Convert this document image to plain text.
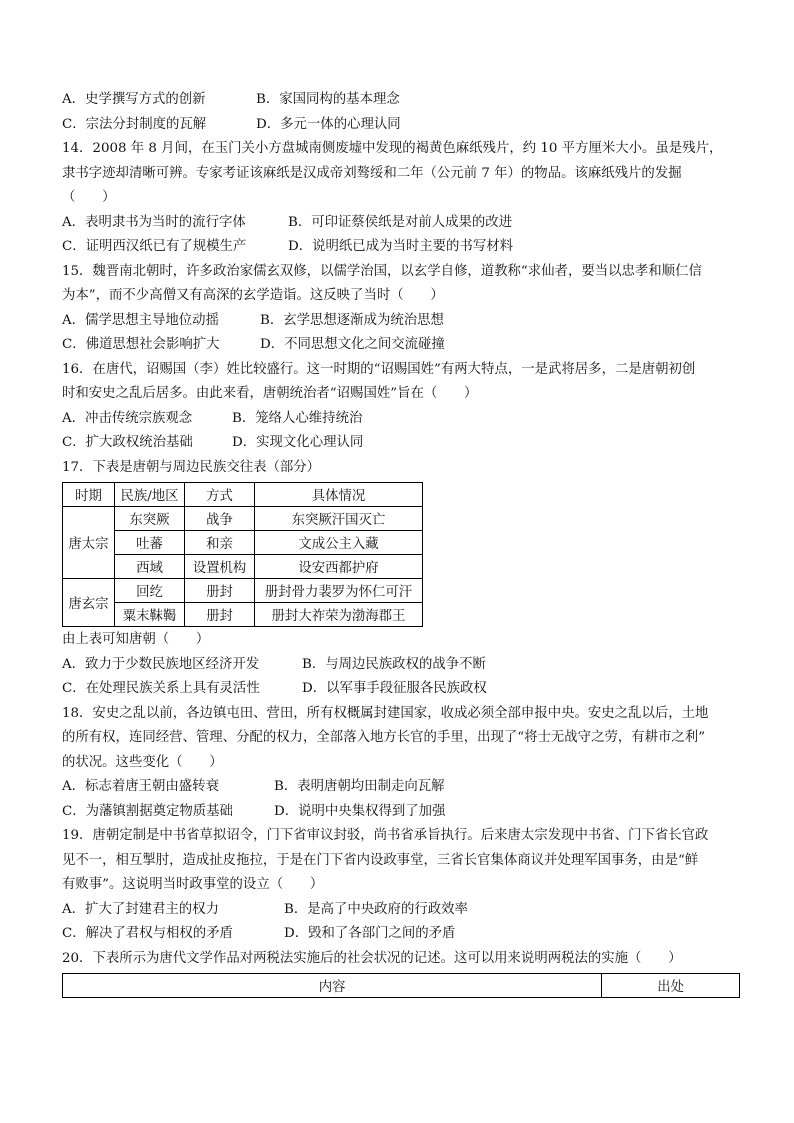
A．史学撰写方式的创新	B．家国同构的基本理念
C．宗法分封制度的瓦解	D．多元一体的心理认同
14．2008 年 8 月间，在玉门关小方盘城南侧废墟中发现的褐黄色麻纸残片，约 10 平方厘米大小。虽是残片，
隶书字迹却清晰可辨。专家考证该麻纸是汉成帝刘骜绥和二年（公元前 7 年）的物品。该麻纸残片的发掘
（　　）
A．表明隶书为当时的流行字体	B．可印证蔡侯纸是对前人成果的改进
C．证明西汉纸已有了规模生产	D．说明纸已成为当时主要的书写材料
15．魏晋南北朝时，许多政治家儒玄双修，以儒学治国，以玄学自修，道教称“求仙者，要当以忠孝和顺仁信
为本”，而不少高僧又有高深的玄学造诣。这反映了当时（　　）
A．儒学思想主导地位动摇	B．玄学思想逐渐成为统治思想
C．佛道思想社会影响扩大	D．不同思想文化之间交流碰撞
16．在唐代，诏赐国（李）姓比较盛行。这一时期的“诏赐国姓”有两大特点，一是武将居多，二是唐朝初创
时和安史之乱后居多。由此来看，唐朝统治者“诏赐国姓”旨在（　　）
A．冲击传统宗族观念	B．笼络人心维持统治
C．扩大政权统治基础	D．实现文化心理认同
17．下表是唐朝与周边民族交往表（部分）
时期	民族/地区	方式	具体情况
唐太宗	东突厥	战争	东突厥汗国灭亡
	吐蕃	和亲	文成公主入藏
	西域	设置机构	设安西都护府
唐玄宗	回纥	册封	册封骨力裴罗为怀仁可汗
	粟末靺鞨	册封	册封大祚荣为渤海郡王
由上表可知唐朝（　　）
A．致力于少数民族地区经济开发	B．与周边民族政权的战争不断
C．在处理民族关系上具有灵活性	D．以军事手段征服各民族政权
18．安史之乱以前，各边镇屯田、营田，所有权概属封建国家，收成必须全部申报中央。安史之乱以后，土地
的所有权，连同经营、管理、分配的权力，全部落入地方长官的手里，出现了“将士无战守之劳，有耕市之利”
的状况。这些变化（　　）
A．标志着唐王朝由盛转衰	B．表明唐朝均田制走向瓦解
C．为藩镇割据奠定物质基础	D．说明中央集权得到了加强
19．唐朝定制是中书省草拟诏令，门下省审议封驳，尚书省承旨执行。后来唐太宗发现中书省、门下省长官政
见不一，相互掣肘，造成扯皮拖拉，于是在门下省内设政事堂，三省长官集体商议并处理军国事务，由是“鲜
有败事”。这说明当时政事堂的设立（　　）
A．扩大了封建君主的权力	B．是高了中央政府的行政效率
C．解决了君权与相权的矛盾	D．毁和了各部门之间的矛盾
20．下表所示为唐代文学作品对两税法实施后的社会状况的记述。这可以用来说明两税法的实施（　　）
内容	出处
